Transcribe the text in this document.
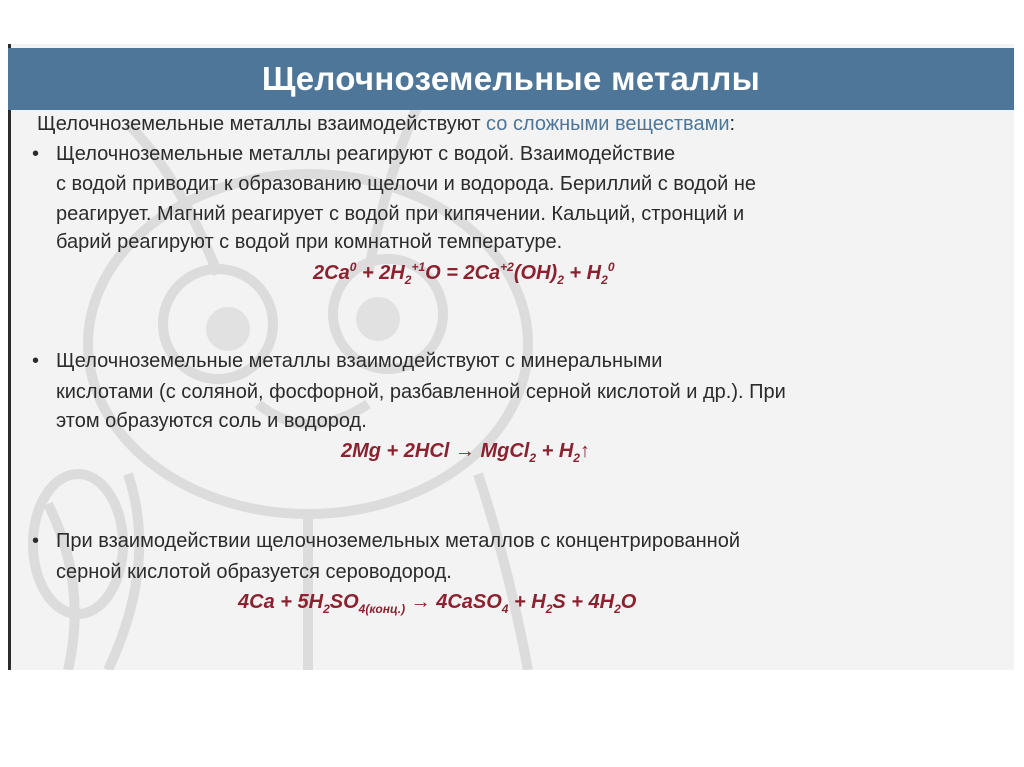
Щелочноземельные металлы
Щелочноземельные металлы взаимодействуют со сложными веществами:
• Щелочноземельные металлы реагируют с водой. Взаимодействие
с водой приводит к образованию щелочи и водорода. Бериллий с водой не
реагирует. Магний реагирует с водой при кипячении. Кальций, стронций и
барий реагируют с водой при комнатной температуре.
$2Ca^0 + 2H_2^{+1}O = 2Ca^{+2}(OH)_2 + H_2^0$
• Щелочноземельные металлы взаимодействуют с минеральными
кислотами (с соляной, фосфорной, разбавленной серной кислотой и др.). При
этом образуются соль и водород.
2Mg + 2HCl → MgCl$_2$ + $H_2↑$
• При взаимодействии щелочноземельных металлов с концентрированной
серной кислотой образуется сероводород.
$4Ca + 5H_2SO_{4(конц.)}$ → 4CaSO$_4$ + $H_2S + 4H_2O$
